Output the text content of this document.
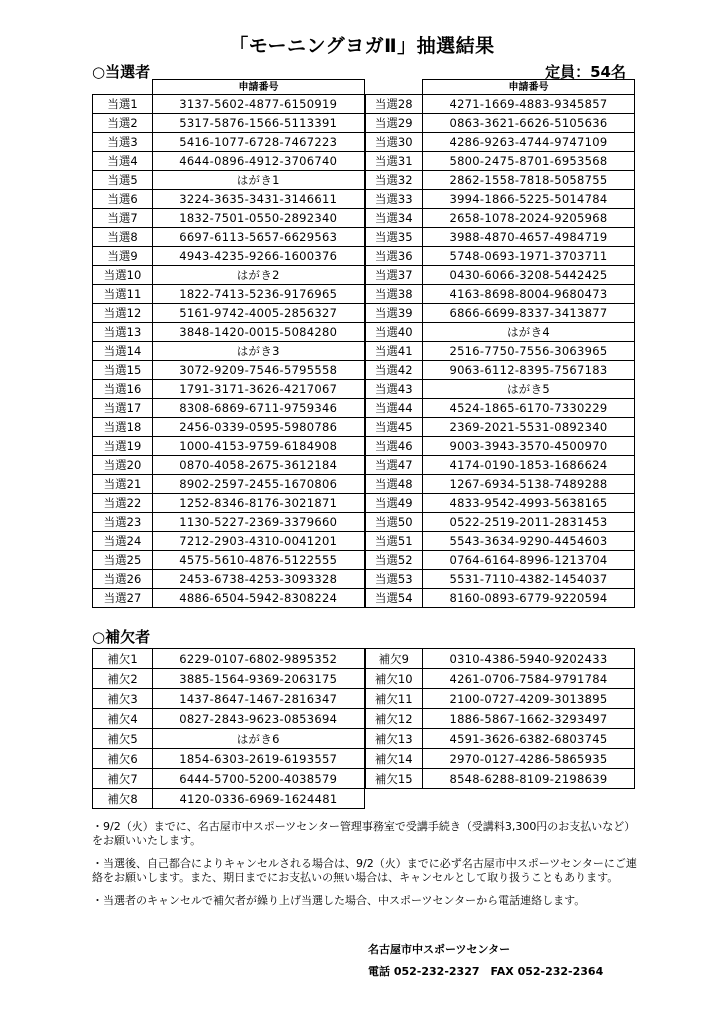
「モーニングヨガⅡ」抽選結果
○当選者	定員：54名
	申請番号		申請番号
当選1	3137-5602-4877-6150919	当選28	4271-1669-4883-9345857
当選2	5317-5876-1566-5113391	当選29	0863-3621-6626-5105636
当選3	5416-1077-6728-7467223	当選30	4286-9263-4744-9747109
当選4	4644-0896-4912-3706740	当選31	5800-2475-8701-6953568
当選5	はがき1	当選32	2862-1558-7818-5058755
当選6	3224-3635-3431-3146611	当選33	3994-1866-5225-5014784
当選7	1832-7501-0550-2892340	当選34	2658-1078-2024-9205968
当選8	6697-6113-5657-6629563	当選35	3988-4870-4657-4984719
当選9	4943-4235-9266-1600376	当選36	5748-0693-1971-3703711
当選10	はがき2	当選37	0430-6066-3208-5442425
当選11	1822-7413-5236-9176965	当選38	4163-8698-8004-9680473
当選12	5161-9742-4005-2856327	当選39	6866-6699-8337-3413877
当選13	3848-1420-0015-5084280	当選40	はがき4
当選14	はがき3	当選41	2516-7750-7556-3063965
当選15	3072-9209-7546-5795558	当選42	9063-6112-8395-7567183
当選16	1791-3171-3626-4217067	当選43	はがき5
当選17	8308-6869-6711-9759346	当選44	4524-1865-6170-7330229
当選18	2456-0339-0595-5980786	当選45	2369-2021-5531-0892340
当選19	1000-4153-9759-6184908	当選46	9003-3943-3570-4500970
当選20	0870-4058-2675-3612184	当選47	4174-0190-1853-1686624
当選21	8902-2597-2455-1670806	当選48	1267-6934-5138-7489288
当選22	1252-8346-8176-3021871	当選49	4833-9542-4993-5638165
当選23	1130-5227-2369-3379660	当選50	0522-2519-2011-2831453
当選24	7212-2903-4310-0041201	当選51	5543-3634-9290-4454603
当選25	4575-5610-4876-5122555	当選52	0764-6164-8996-1213704
当選26	2453-6738-4253-3093328	当選53	5531-7110-4382-1454037
当選27	4886-6504-5942-8308224	当選54	8160-0893-6779-9220594
○補欠者
補欠1	6229-0107-6802-9895352	補欠9	0310-4386-5940-9202433
補欠2	3885-1564-9369-2063175	補欠10	4261-0706-7584-9791784
補欠3	1437-8647-1467-2816347	補欠11	2100-0727-4209-3013895
補欠4	0827-2843-9623-0853694	補欠12	1886-5867-1662-3293497
補欠5	はがき6	補欠13	4591-3626-6382-6803745
補欠6	1854-6303-2619-6193557	補欠14	2970-0127-4286-5865935
補欠7	6444-5700-5200-4038579	補欠15	8548-6288-8109-2198639
補欠8	4120-0336-6969-1624481		

・9/2（火）までに、名古屋市中スポーツセンター管理事務室で受講手続き（受講料3,300円のお支払いなど）をお願いいたします。

・当選後、自己都合によりキャンセルされる場合は、9/2（火）までに必ず名古屋市中スポーツセンターにご連絡をお願いします。また、期日までにお支払いの無い場合は、キャンセルとして取り扱うこともあります。

・当選者のキャンセルで補欠者が繰り上げ当選した場合、中スポーツセンターから電話連絡します。

名古屋市中スポーツセンター
電話 052-232-2327　FAX 052-232-2364
